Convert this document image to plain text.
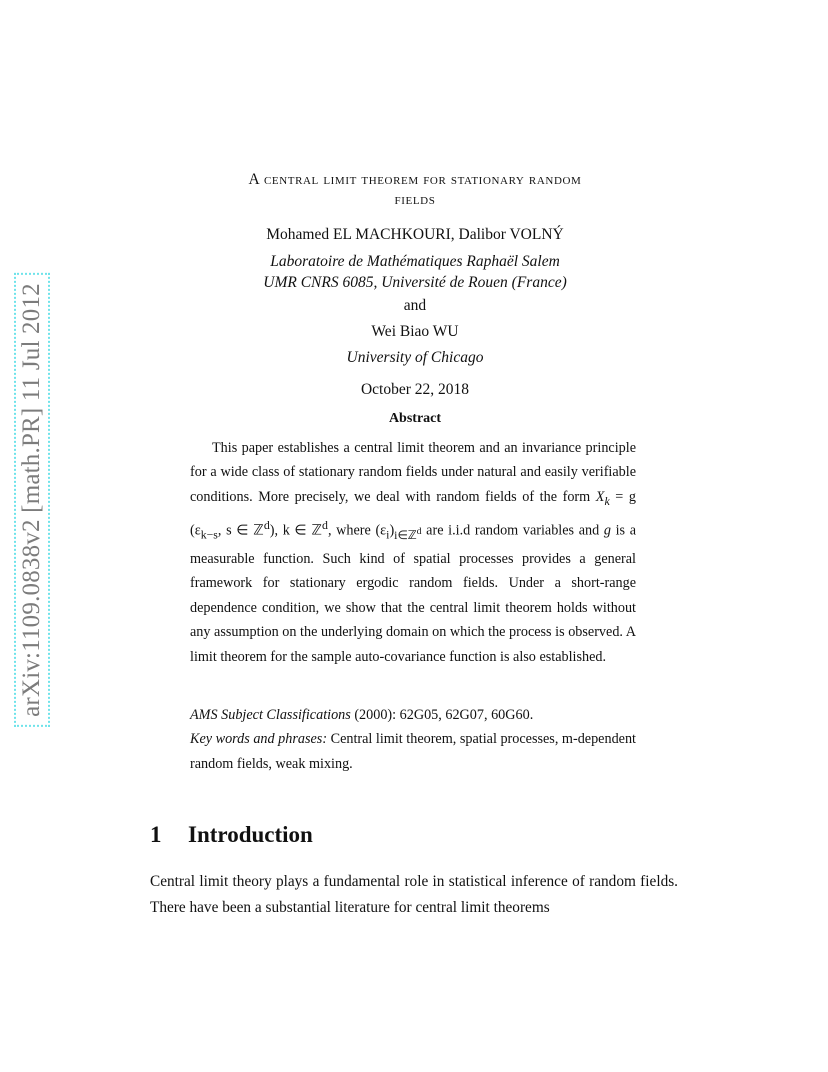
arXiv:1109.0838v2 [math.PR] 11 Jul 2012
A central limit theorem for stationary random
fields
Mohamed EL MACHKOURI, Dalibor VOLNÝ
Laboratoire de Mathématiques Raphaël Salem
UMR CNRS 6085, Université de Rouen (France)
and
Wei Biao WU
University of Chicago
October 22, 2018
Abstract
This paper establishes a central limit theorem and an invariance principle for a wide class of stationary random fields under natural and easily verifiable conditions. More precisely, we deal with random fields of the form $X_k = g$ ($\varepsilon_{k-s}$, s ∈ ℤ$^d$), k ∈ ℤ$^d$, where $(\varepsilon_i)_{i\in ℤ^d}$ are i.i.d random variables and g is a measurable function. Such kind of spatial processes provides a general framework for stationary ergodic random fields. Under a short-range dependence condition, we show that the central limit theorem holds without any assumption on the underlying domain on which the process is observed. A limit theorem for the sample auto-covariance function is also established.
AMS Subject Classifications (2000): 62G05, 62G07, 60G60.
Key words and phrases: Central limit theorem, spatial processes, m-dependent random fields, weak mixing.
1 Introduction
Central limit theory plays a fundamental role in statistical inference of random fields. There have been a substantial literature for central limit theorems
